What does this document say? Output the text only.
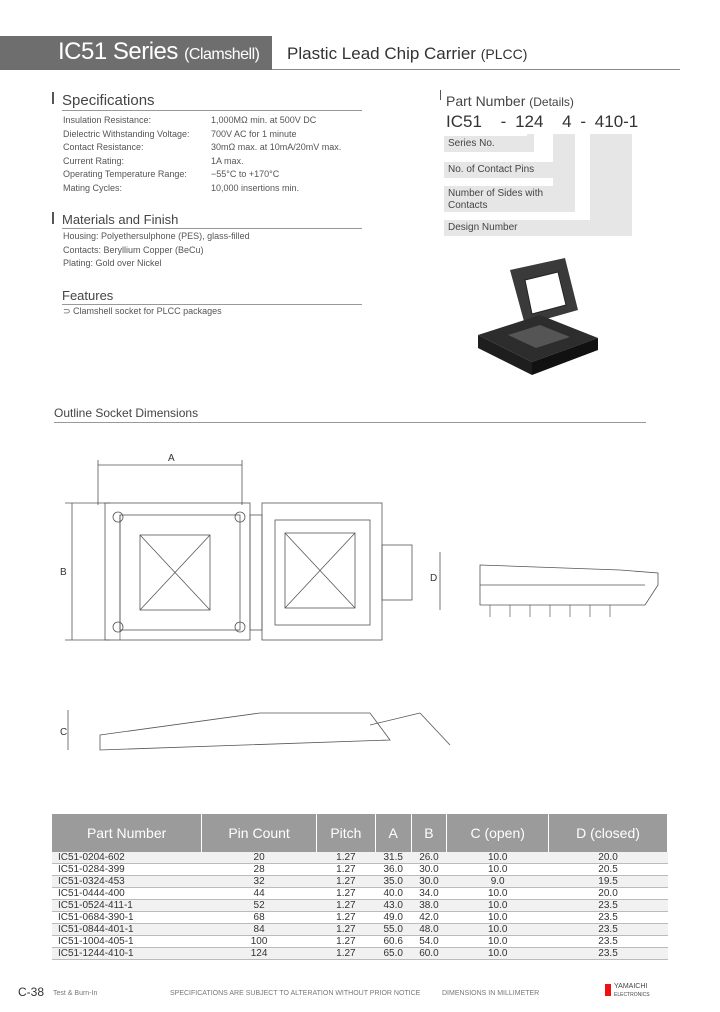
IC51 Series (Clamshell) Plastic Lead Chip Carrier (PLCC)
Specifications
Insulation Resistance:	1,000MΩ min. at 500V DC
Dielectric Withstanding Voltage: 700V AC for 1 minute
Contact Resistance:	30mΩ max. at 10mA/20mV max.
Current Rating:	1A max.
Operating Temperature Range:	−55°C to +170°C
Mating Cycles:	10,000 insertions min.
Materials and Finish
Housing: Polyethersulphone (PES), glass-filled
Contacts: Beryllium Copper (BeCu)
Plating: Gold over Nickel
Features
⊃ Clamshell socket for PLCC packages
Part Number (Details)
IC51 - 124 4 - 410-1
Series No.
No. of Contact Pins
Number of Sides with Contacts
Design Number
Outline Socket Dimensions
A
B
C
D
Part Number	Pin Count	Pitch	A	B	C (open)	D (closed)
IC51-0204-602	20	1.27	31.5	26.0	10.0	20.0
IC51-0284-399	28	1.27	36.0	30.0	10.0	20.5
IC51-0324-453	32	1.27	35.0	30.0	9.0	19.5
IC51-0444-400	44	1.27	40.0	34.0	10.0	20.0
IC51-0524-411-1	52	1.27	43.0	38.0	10.0	23.5
IC51-0684-390-1	68	1.27	49.0	42.0	10.0	23.5
IC51-0844-401-1	84	1.27	55.0	48.0	10.0	23.5
IC51-1004-405-1	100	1.27	60.6	54.0	10.0	23.5
IC51-1244-410-1	124	1.27	65.0	60.0	10.0	23.5
C-38 Test & Burn-In	SPECIFICATIONS ARE SUBJECT TO ALTERATION WITHOUT PRIOR NOTICE	DIMENSIONS IN MILLIMETER
YAMAICHI
ELECTRONICS
